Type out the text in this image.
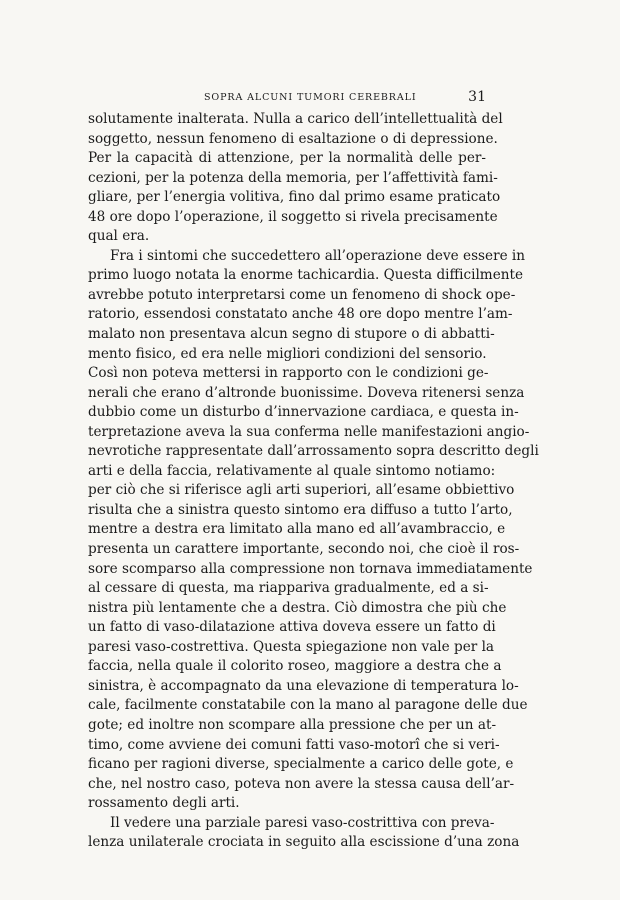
SOPRA ALCUNI TUMORI CEREBRALI	31
solutamente inalterata. Nulla a carico dell’intellettualità del
soggetto, nessun fenomeno di esaltazione o di depressione.
Per la capacità di attenzione, per la normalità delle per-
cezioni, per la potenza della memoria, per l’affettività fami-
gliare, per l’energia volitiva, fino dal primo esame praticato
48 ore dopo l’operazione, il soggetto si rivela precisamente
qual era.
Fra i sintomi che succedettero all’operazione deve essere in
primo luogo notata la enorme tachicardia. Questa difficilmente
avrebbe potuto interpretarsi come un fenomeno di shock ope-
ratorio, essendosi constatato anche 48 ore dopo mentre l’am-
malato non presentava alcun segno di stupore o di abbatti-
mento fisico, ed era nelle migliori condizioni del sensorio.
Così non poteva mettersi in rapporto con le condizioni ge-
nerali che erano d’altronde buonissime. Doveva ritenersi senza
dubbio come un disturbo d’innervazione cardiaca, e questa in-
terpretazione aveva la sua conferma nelle manifestazioni angio-
nevrotiche rappresentate dall’arrossamento sopra descritto degli
arti e della faccia, relativamente al quale sintomo notiamo:
per ciò che si riferisce agli arti superiori, all’esame obbiettivo
risulta che a sinistra questo sintomo era diffuso a tutto l’arto,
mentre a destra era limitato alla mano ed all’avambraccio, e
presenta un carattere importante, secondo noi, che cioè il ros-
sore scomparso alla compressione non tornava immediatamente
al cessare di questa, ma riappariva gradualmente, ed a si-
nistra più lentamente che a destra. Ciò dimostra che più che
un fatto di vaso-dilatazione attiva doveva essere un fatto di
paresi vaso-costrettiva. Questa spiegazione non vale per la
faccia, nella quale il colorito roseo, maggiore a destra che a
sinistra, è accompagnato da una elevazione di temperatura lo-
cale, facilmente constatabile con la mano al paragone delle due
gote; ed inoltre non scompare alla pressione che per un at-
timo, come avviene dei comuni fatti vaso-motorî che si veri-
ficano per ragioni diverse, specialmente a carico delle gote, e
che, nel nostro caso, poteva non avere la stessa causa dell’ar-
rossamento degli arti.
Il vedere una parziale paresi vaso-costrittiva con preva-
lenza unilaterale crociata in seguito alla escissione d’una zona
